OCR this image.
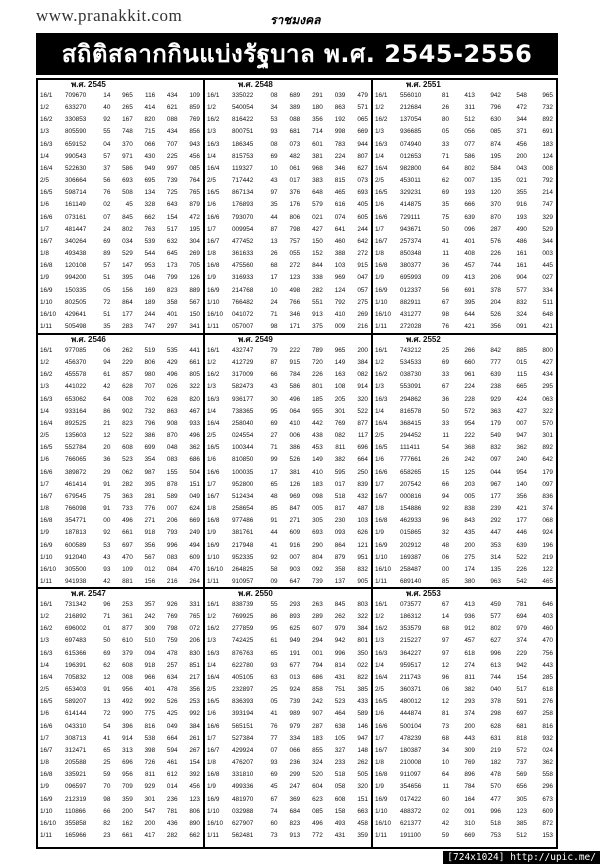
www.pranakkit.com	ราชมงคล
สถิติสลากกินแบ่งรัฐบาล พ.ศ. 2545-2556
พ.ศ. 2545
16/1	709670	14	965	116	434	109
1/2	633270	40	265	414	621	859
16/2	330853	92	167	820	088	769
1/3	805590	55	748	715	434	856
16/3	659152	04	370	066	707	943
1/4	990543	57	971	430	225	456
16/4	522630	37	586	949	997	085
2/5	306664	56	693	695	739	764
16/5	598714	76	508	134	725	765
1/6	161149	02	45	328	643	879
16/6	073161	07	845	662	154	472
1/7	481447	24	802	763	517	195
16/7	340264	69	034	539	632	304
1/8	493438	89	529	544	645	269
16/8	120108	57	147	953	173	705
1/9	994200	51	395	046	799	126
16/9	150335	05	156	169	823	889
1/10	802505	72	864	189	358	567
16/10	429641	51	177	244	401	150
1/11	505498	35	283	747	297	341

พ.ศ. 2548
16/1	335022	08	689	291	039	479
1/2	540054	34	389	180	863	571
16/2	816422	53	088	356	192	065
1/3	800751	93	681	714	998	669
16/3	186345	08	073	601	783	944
1/4	815753	69	482	381	224	807
16/4	119327	10	061	968	346	627
2/5	717442	43	017	383	815	073
16/5	867134	97	376	648	465	693
1/6	176893	35	176	579	616	405
16/6	793070	44	806	021	074	605
1/7	009954	87	798	427	641	244
16/7	477452	13	757	150	460	642
1/8	361633	26	055	152	388	272
16/8	475560	68	272	844	103	915
1/9	316933	17	123	338	969	047
16/9	214768	10	498	282	124	057
1/10	766482	24	766	551	792	275
16/10	041072	71	346	913	410	269
1/11	057007	98	171	375	009	216

พ.ศ. 2551
16/1	556010	81	413	942	548	965
1/2	212684	26	311	796	472	732
16/2	137054	80	512	630	344	892
1/3	936685	05	056	085	371	691
16/3	074940	33	077	874	456	183
1/4	012653	71	586	195	200	124
16/4	982800	64	802	584	043	008
2/5	453011	62	007	135	021	792
16/5	329231	69	193	120	355	214
1/6	414875	35	666	370	916	747
16/6	729111	75	639	870	193	329
1/7	943671	50	096	287	490	529
16/7	257374	41	401	576	486	344
1/8	850348	11	408	226	161	003
16/8	380377	36	457	744	161	445
1/9	695993	09	413	206	904	027
16/9	012337	56	691	378	577	334
1/10	882911	67	395	204	832	511
16/10	431277	98	644	526	324	648
1/11	272028	76	421	356	091	421

พ.ศ. 2546
16/1	977085	06	262	519	535	441
1/2	456370	94	229	806	429	661
16/2	455578	61	857	980	496	805
1/3	441022	42	628	707	026	322
16/3	653062	64	008	702	628	820
1/4	933164	86	902	732	863	467
16/4	892525	21	823	796	908	933
2/5	135603	12	522	386	870	496
16/5	552784	20	608	699	048	362
1/6	766065	36	523	354	083	686
16/6	389872	29	062	987	155	504
1/7	461414	91	282	395	878	151
16/7	679545	75	363	281	589	049
1/8	766098	91	733	776	007	624
16/8	354771	00	496	271	206	669
1/9	187813	92	661	918	793	249
16/9	600589	53	697	356	996	494
1/10	912040	43	470	567	083	609
16/10	305500	93	109	012	084	470
1/11	941938	42	881	156	216	264

พ.ศ. 2549
16/1	432747	79	222	789	965	200
1/2	412729	87	915	720	149	384
16/2	317009	66	784	226	163	082
1/3	582473	43	586	801	108	914
16/3	936177	30	496	185	205	320
1/4	738365	95	064	955	301	522
16/4	258040	69	410	442	769	877
2/5	024554	27	006	438	082	117
16/5	100344	71	386	453	811	696
1/6	810850	99	526	149	382	664
16/6	100035	17	381	410	595	250
1/7	952800	65	126	183	017	839
16/7	512434	48	969	098	518	432
1/8	258654	85	847	005	817	487
16/8	977486	91	271	305	230	103
1/9	381761	44	609	693	093	626
16/9	217948	41	916	290	864	121
1/10	952335	92	007	804	879	951
16/10	264825	58	903	092	358	832
1/11	910957	09	647	739	137	905

พ.ศ. 2552
16/1	743212	25	266	842	885	800
1/2	534533	69	660	777	015	427
16/2	038730	33	961	639	115	434
1/3	553091	67	224	238	665	295
16/3	294862	36	228	929	424	063
1/4	816578	50	572	363	427	322
16/4	368415	33	954	179	007	570
2/5	294452	11	222	549	947	301
16/5	111411	54	368	832	362	892
1/6	777661	26	242	097	240	642
16/6	658265	15	125	044	954	179
1/7	207542	66	203	967	140	097
16/7	000816	94	005	177	356	836
1/8	154886	92	838	239	421	374
16/8	462933	96	843	292	177	068
1/9	015865	32	435	447	446	924
16/9	202912	48	200	353	639	196
1/10	169387	06	275	314	522	219
16/10	258487	00	174	135	226	122
1/11	689140	85	380	963	542	465

พ.ศ. 2547
16/1	731342	96	253	357	926	331
1/2	216892	71	361	242	769	765
16/2	696002	01	877	309	798	072
1/3	697483	50	610	510	759	206
16/3	615366	69	379	094	478	830
1/4	196391	62	608	918	257	851
16/4	705832	12	008	966	634	217
2/5	653403	91	956	401	478	356
16/5	589207	13	492	992	526	253
1/6	614144	72	990	775	425	992
16/6	043310	54	396	816	049	384
1/7	308713	41	914	538	664	261
16/7	312471	65	313	398	594	267
1/8	205588	25	696	726	461	154
16/8	335921	59	956	811	612	392
1/9	096597	70	709	929	014	456
16/9	212319	98	359	301	236	123
1/10	110866	66	200	547	781	806
16/10	355858	82	162	200	436	890
1/11	165966	23	661	417	282	662

พ.ศ. 2550
16/1	838739	55	293	263	845	803
1/2	769925	86	893	289	262	322
16/2	277859	95	625	607	979	384
1/3	742425	61	949	294	942	801
16/3	876763	65	191	001	996	350
1/4	622780	93	677	794	814	022
16/4	405105	63	013	686	431	822
2/5	232897	25	924	858	751	385
16/5	836393	05	739	242	523	433
1/6	393194	41	989	907	464	589
16/6	565151	76	979	287	638	146
1/7	527384	77	334	183	105	947
16/7	429924	07	066	855	327	148
1/8	476207	93	236	324	233	262
16/8	331810	69	299	520	518	505
1/9	499336	45	247	604	058	320
16/9	481970	67	369	623	608	151
1/10	032988	74	684	085	158	663
16/10	627907	60	823	496	493	458
1/11	562481	73	913	772	431	359

พ.ศ. 2553
16/1	073577	67	413	459	781	646
1/2	186312	14	936	577	694	403
16/2	353579	68	912	802	979	460
1/3	215227	97	457	627	374	470
16/3	364227	97	618	996	229	756
1/4	959517	12	274	613	942	443
16/4	211743	96	811	744	154	285
2/5	360371	06	382	040	517	618
16/5	480012	12	293	378	591	276
1/6	444874	81	374	298	697	258
16/6	500104	73	200	628	681	816
1/7	478239	68	443	631	818	932
16/7	180387	34	309	219	572	024
1/8	210008	10	769	182	737	362
16/8	911097	64	896	478	569	558
1/9	354656	11	784	570	656	296
16/9	017422	60	164	477	305	673
1/10	488372	02	091	996	123	609
16/10	621377	42	310	518	385	872
1/11	191100	59	669	753	512	153

[724x1024] http://upic.me/
